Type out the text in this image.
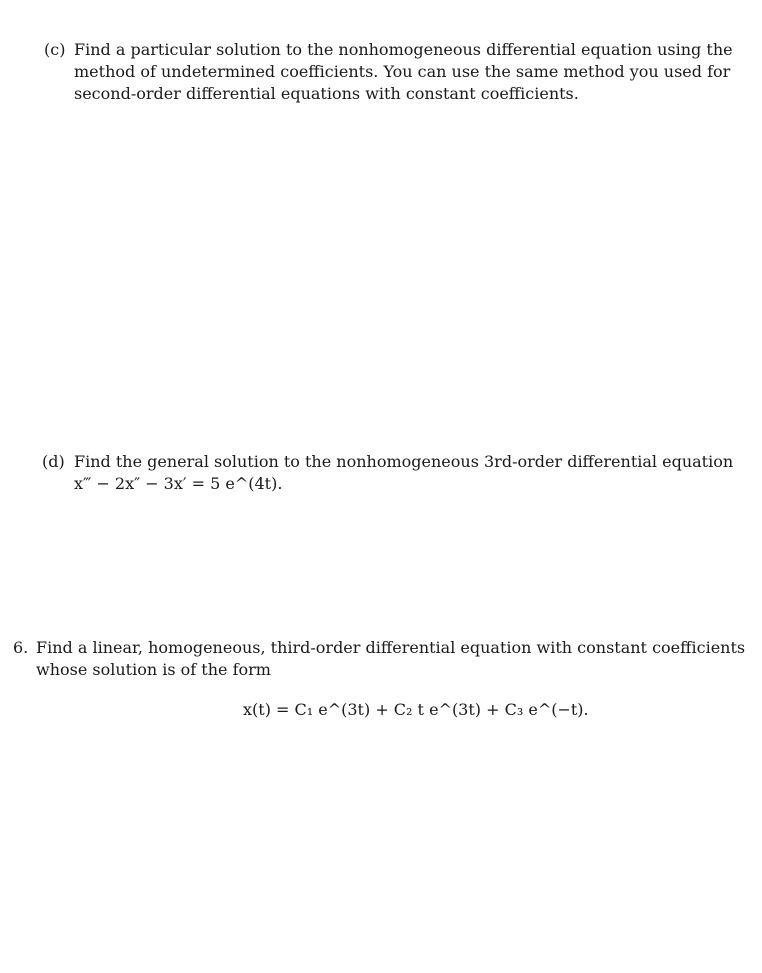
(c) Find a particular solution to the nonhomogeneous differential equation using the
method of undetermined coefficients. You can use the same method you used for
second-order differential equations with constant coefficients.
(d) Find the general solution to the nonhomogeneous 3rd-order differential equation
x‴ − 2x″ − 3x′ = 5 e^(4t).
6. Find a linear, homogeneous, third-order differential equation with constant coefficients
whose solution is of the form
x(t) = C₁ e^(3t) + C₂ t e^(3t) + C₃ e^(−t).
